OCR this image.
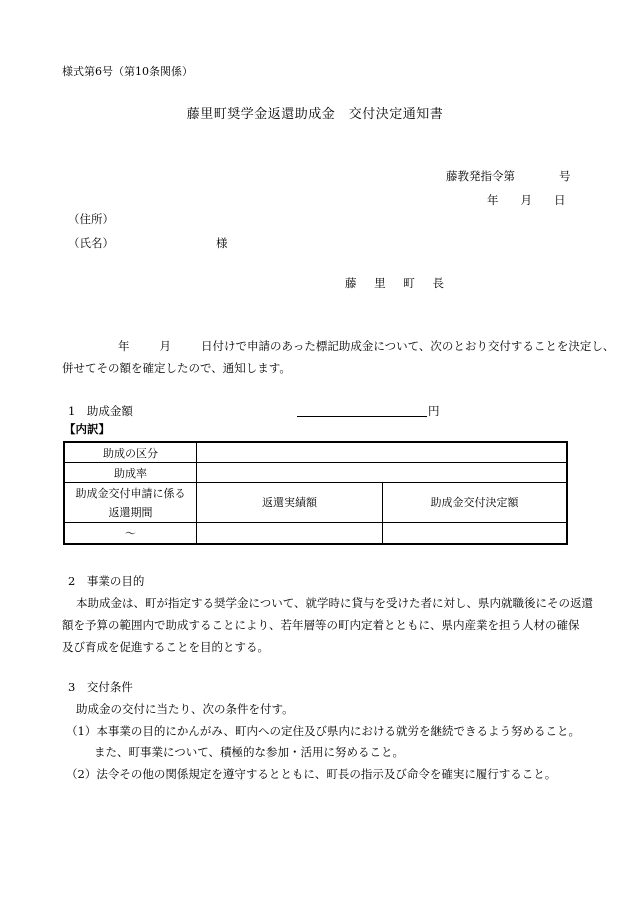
様式第6号（第10条関係）
藤里町奨学金返還助成金　交付決定通知書
藤教発指令第	号
年 月 日
（住所）
（氏名）	様
藤 里 町 長
年	月	日付けで申請のあった標記助成金について、次のとおり交付することを決定し、
併せてその額を確定したので、通知します。
1　助成金額	円
【内訳】
助成の区分		
助成率		
助成金交付申請に係る
返還期間	返還実績額	助成金交付決定額
～		
2　事業の目的
本助成金は、町が指定する奨学金について、就学時に貸与を受けた者に対し、県内就職後にその返還
額を予算の範囲内で助成することにより、若年層等の町内定着とともに、県内産業を担う人材の確保
及び育成を促進することを目的とする。
3　交付条件
助成金の交付に当たり、次の条件を付す。
（1）本事業の目的にかんがみ、町内への定住及び県内における就労を継続できるよう努めること。
また、町事業について、積極的な参加・活用に努めること。
（2）法令その他の関係規定を遵守するとともに、町長の指示及び命令を確実に履行すること。
